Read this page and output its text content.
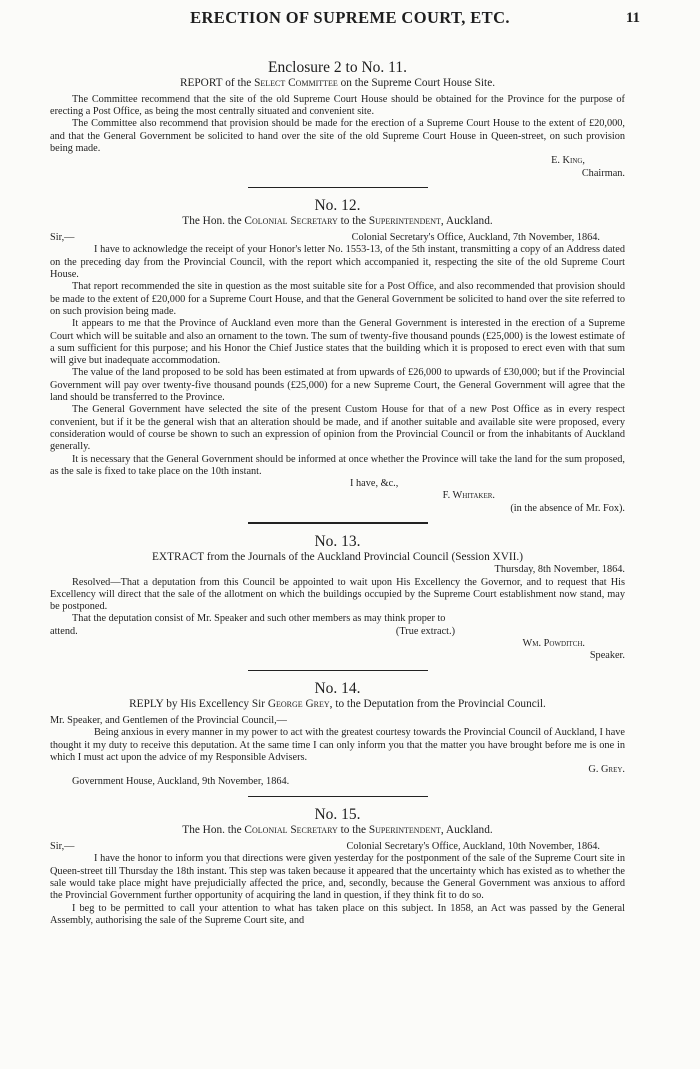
ERECTION OF SUPREME COURT, ETC.	11
Enclosure 2 to No. 11.
REPORT of the Select Committee on the Supreme Court House Site.

The Committee recommend that the site of the old Supreme Court House should be obtained for the Province for the purpose of erecting a Post Office, as being the most centrally situated and convenient site.

The Committee also recommend that provision should be made for the erection of a Supreme Court House to the extent of £20,000, and that the General Government be solicited to hand over the site of the old Supreme Court House in Queen-street, on such provision being made.

E. King,
Chairman.
No. 12.
The Hon. the Colonial Secretary to the Superintendent, Auckland.
Sir,—	Colonial Secretary's Office, Auckland, 7th November, 1864.

I have to acknowledge the receipt of your Honor's letter No. 1553-13, of the 5th instant, transmitting a copy of an Address dated on the preceding day from the Provincial Council, with the report which accompanied it, respecting the site of the old Supreme Court House.

That report recommended the site in question as the most suitable site for a Post Office, and also recommended that provision should be made to the extent of £20,000 for a Supreme Court House, and that the General Government be solicited to hand over the site referred to on such provision being made.

It appears to me that the Province of Auckland even more than the General Government is interested in the erection of a Supreme Court which will be suitable and also an ornament to the town. The sum of twenty-five thousand pounds (£25,000) is the lowest estimate of a sum sufficient for this purpose; and his Honor the Chief Justice states that the building which it is proposed to erect even with that sum will give but inadequate accommodation.

The value of the land proposed to be sold has been estimated at from upwards of £26,000 to upwards of £30,000; but if the Provincial Government will pay over twenty-five thousand pounds (£25,000) for a new Supreme Court, the General Government will agree that the land should be transferred to the Province.

The General Government have selected the site of the present Custom House for that of a new Post Office as in every respect convenient, but if it be the general wish that an alteration should be made, and if another suitable and available site were proposed, every consideration would of course be shown to such an expression of opinion from the Provincial Council or from the inhabitants of Auckland generally.

It is necessary that the General Government should be informed at once whether the Province will take the land for the sum proposed, as the sale is fixed to take place on the 10th instant.

I have, &c.,
F. Whitaker.
(in the absence of Mr. Fox).
No. 13.
EXTRACT from the Journals of the Auckland Provincial Council (Session XVII.)
Thursday, 8th November, 1864.

Resolved—That a deputation from this Council be appointed to wait upon His Excellency the Governor, and to request that His Excellency will direct that the sale of the allotment on which the buildings occupied by the Supreme Court establishment now stand, may be postponed.

That the deputation consist of Mr. Speaker and such other members as may think proper to

attend.	(True extract.)
Wm. Powditch.
Speaker.
No. 14.
REPLY by His Excellency Sir George Grey, to the Deputation from the Provincial Council.
Mr. Speaker, and Gentlemen of the Provincial Council,—

Being anxious in every manner in my power to act with the greatest courtesy towards the Provincial Council of Auckland, I have thought it my duty to receive this deputation. At the same time I can only inform you that the matter you have brought before me is one in which I must act upon the advice of my Responsible Advisers.

G. Grey.
Government House, Auckland, 9th November, 1864.
No. 15.
The Hon. the Colonial Secretary to the Superintendent, Auckland.
Sir,—	Colonial Secretary's Office, Auckland, 10th November, 1864.

I have the honor to inform you that directions were given yesterday for the postponment of the sale of the Supreme Court site in Queen-street till Thursday the 18th instant. This step was taken because it appeared that the uncertainty which has existed as to whether the sale would take place might have prejudicially affected the price, and, secondly, because the General Government was anxious to afford the Provincial Government further opportunity of acquiring the land in question, if they think fit to do so.

I beg to be permitted to call your attention to what has taken place on this subject. In 1858, an Act was passed by the General Assembly, authorising the sale of the Supreme Court site, and
